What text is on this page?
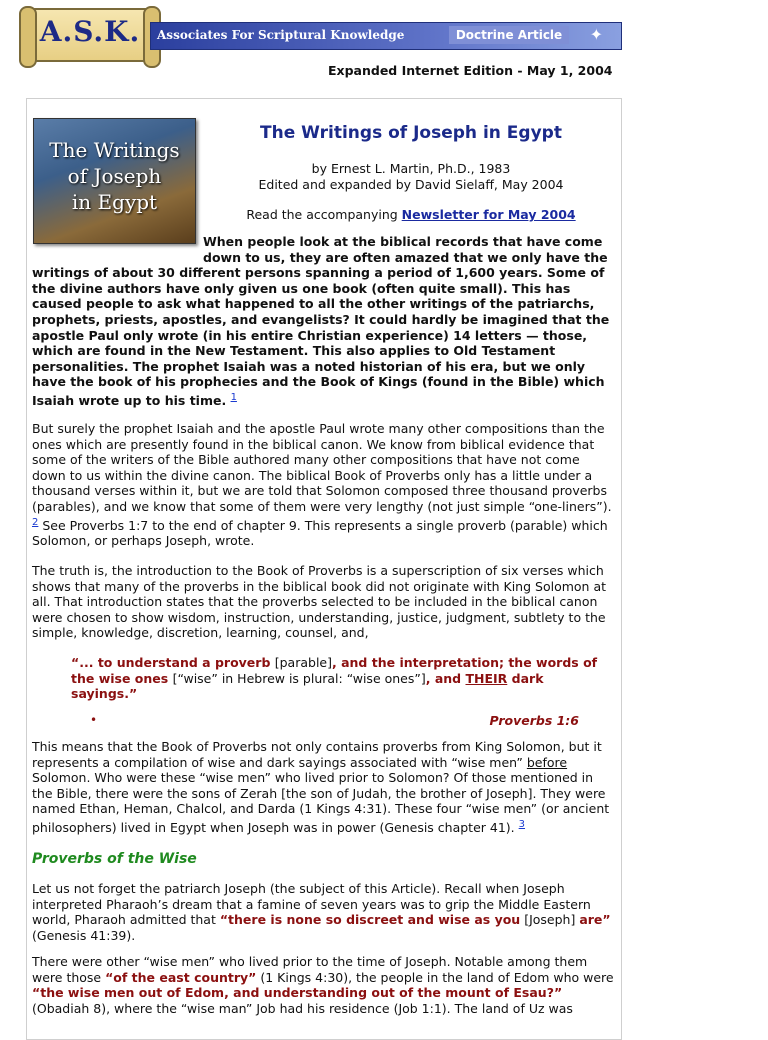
A.S.K.	Associates For Scriptural Knowledge	Doctrine Article	✦
Expanded Internet Edition - May 1, 2004
The Writings
of Joseph
in Egypt
The Writings of Joseph in Egypt
by Ernest L. Martin, Ph.D., 1983
Edited and expanded by David Sielaff, May 2004
Read the accompanying Newsletter for May 2004
When people look at the biblical records that have come down to us, they are often amazed that we only have the
writings of about 30 different persons spanning a period of 1,600 years. Some of the divine authors have only given us one book (often quite small). This has caused people to ask what happened to all the other writings of the patriarchs, prophets, priests, apostles, and evangelists? It could hardly be imagined that the apostle Paul only wrote (in his entire Christian experience) 14 letters — those, which are found in the New Testament. This also applies to Old Testament personalities. The prophet Isaiah was a noted historian of his era, but we only have the book of his prophecies and the Book of Kings (found in the Bible) which Isaiah wrote up to his time. $^1$
But surely the prophet Isaiah and the apostle Paul wrote many other compositions than the ones which are presently found in the biblical canon. We know from biblical evidence that some of the writers of the Bible authored many other compositions that have not come down to us within the divine canon. The biblical Book of Proverbs only has a little under a thousand verses within it, but we are told that Solomon composed three thousand proverbs (parables), and we know that some of them were very lengthy (not just simple “one-liners”). $^2$ See Proverbs 1:7 to the end of chapter 9. This represents a single proverb (parable) which Solomon, or perhaps Joseph, wrote.
The truth is, the introduction to the Book of Proverbs is a superscription of six verses which shows that many of the proverbs in the biblical book did not originate with King Solomon at all. That introduction states that the proverbs selected to be included in the biblical canon were chosen to show wisdom, instruction, understanding, justice, judgment, subtlety to the simple, knowledge, discretion, learning, counsel, and,
“... to understand a proverb [parable], and the interpretation; the words of the wise ones [“wise” in Hebrew is plural: “wise ones”], and THEIR dark sayings.”
•	Proverbs 1:6
This means that the Book of Proverbs not only contains proverbs from King Solomon, but it represents a compilation of wise and dark sayings associated with “wise men” before Solomon. Who were these “wise men” who lived prior to Solomon? Of those mentioned in the Bible, there were the sons of Zerah [the son of Judah, the brother of Joseph]. They were named Ethan, Heman, Chalcol, and Darda (1 Kings 4:31). These four “wise men” (or ancient philosophers) lived in Egypt when Joseph was in power (Genesis chapter 41). $^3$
Proverbs of the Wise
Let us not forget the patriarch Joseph (the subject of this Article). Recall when Joseph interpreted Pharaoh’s dream that a famine of seven years was to grip the Middle Eastern world, Pharaoh admitted that “there is none so discreet and wise as you [Joseph] are” (Genesis 41:39).
There were other “wise men” who lived prior to the time of Joseph. Notable among them were those “of the east country” (1 Kings 4:30), the people in the land of Edom who were “the wise men out of Edom, and understanding out of the mount of Esau?” (Obadiah 8), where the “wise man” Job had his residence (Job 1:1). The land of Uz was
